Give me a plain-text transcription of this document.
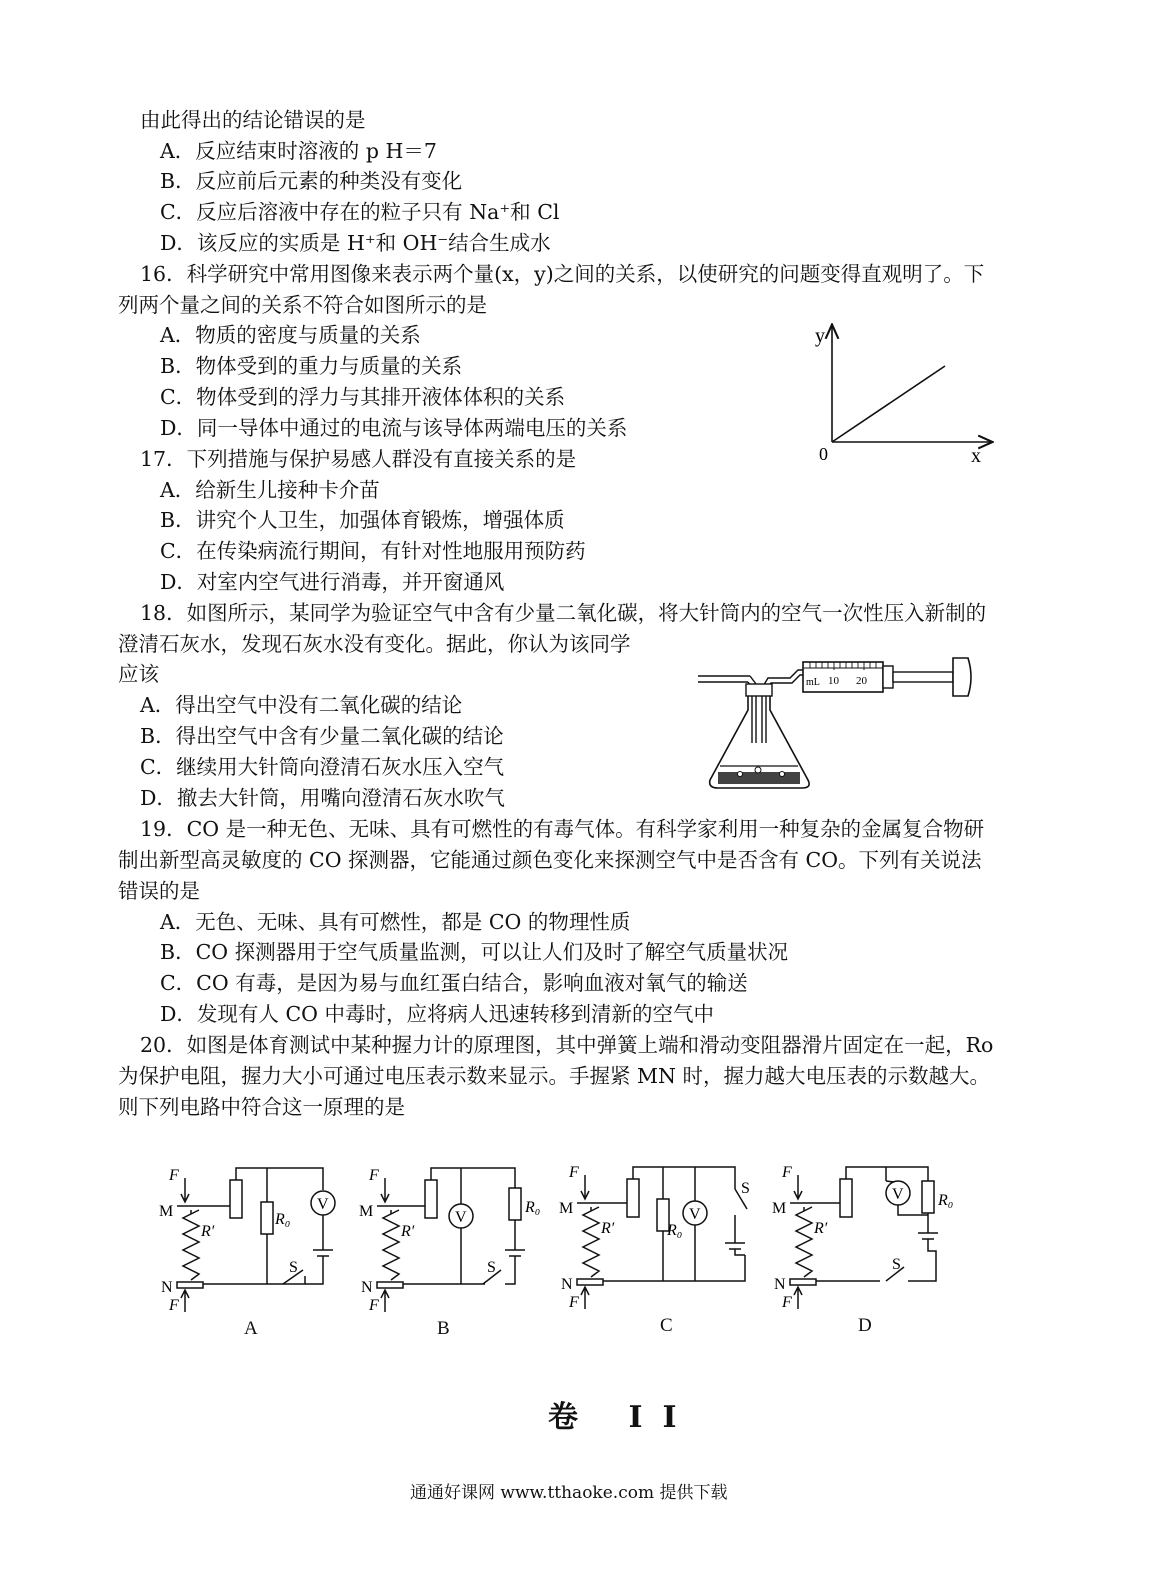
由此得出的结论错误的是
A．反应结束时溶液的 p H＝7
B．反应前后元素的种类没有变化
C．反应后溶液中存在的粒子只有 Na⁺和 Cl
D．该反应的实质是 H⁺和 OH⁻结合生成水
16．科学研究中常用图像来表示两个量(x，y)之间的关系，以使研究的问题变得直观明了。下
列两个量之间的关系不符合如图所示的是
A．物质的密度与质量的关系
B．物体受到的重力与质量的关系
C．物体受到的浮力与其排开液体体积的关系
D．同一导体中通过的电流与该导体两端电压的关系
y
x
0
17．下列措施与保护易感人群没有直接关系的是
A．给新生儿接种卡介苗
B．讲究个人卫生，加强体育锻炼，增强体质
C．在传染病流行期间，有针对性地服用预防药
D．对室内空气进行消毒，并开窗通风
18．如图所示，某同学为验证空气中含有少量二氧化碳，将大针筒内的空气一次性压入新制的
澄清石灰水，发现石灰水没有变化。据此，你认为该同学
应该
A．得出空气中没有二氧化碳的结论
B．得出空气中含有少量二氧化碳的结论
C．继续用大针筒向澄清石灰水压入空气
D．撤去大针筒，用嘴向澄清石灰水吹气
mL 10 20
19．CO 是一种无色、无味、具有可燃性的有毒气体。有科学家利用一种复杂的金属复合物研
制出新型高灵敏度的 CO 探测器，它能通过颜色变化来探测空气中是否含有 CO。下列有关说法
错误的是
A．无色、无味、具有可燃性，都是 CO 的物理性质
B．CO 探测器用于空气质量监测，可以让人们及时了解空气质量状况
C．CO 有毒，是因为易与血红蛋白结合，影响血液对氧气的输送
D．发现有人 CO 中毒时，应将病人迅速转移到清新的空气中
20．如图是体育测试中某种握力计的原理图，其中弹簧上端和滑动变阻器滑片固定在一起，Ro
为保护电阻，握力大小可通过电压表示数来显示。手握紧 MN 时，握力越大电压表的示数越大。
则下列电路中符合这一原理的是
F
M
R′
R₀
V
S
N
F
A
F
M
R′
V
R₀
S
N
F
B
F
M
R′	R₀
V
S
N
F
C
F
M
R′
V R₀
S
N
F
D
卷 II
通通好课网 www.tthaoke.com 提供下载
